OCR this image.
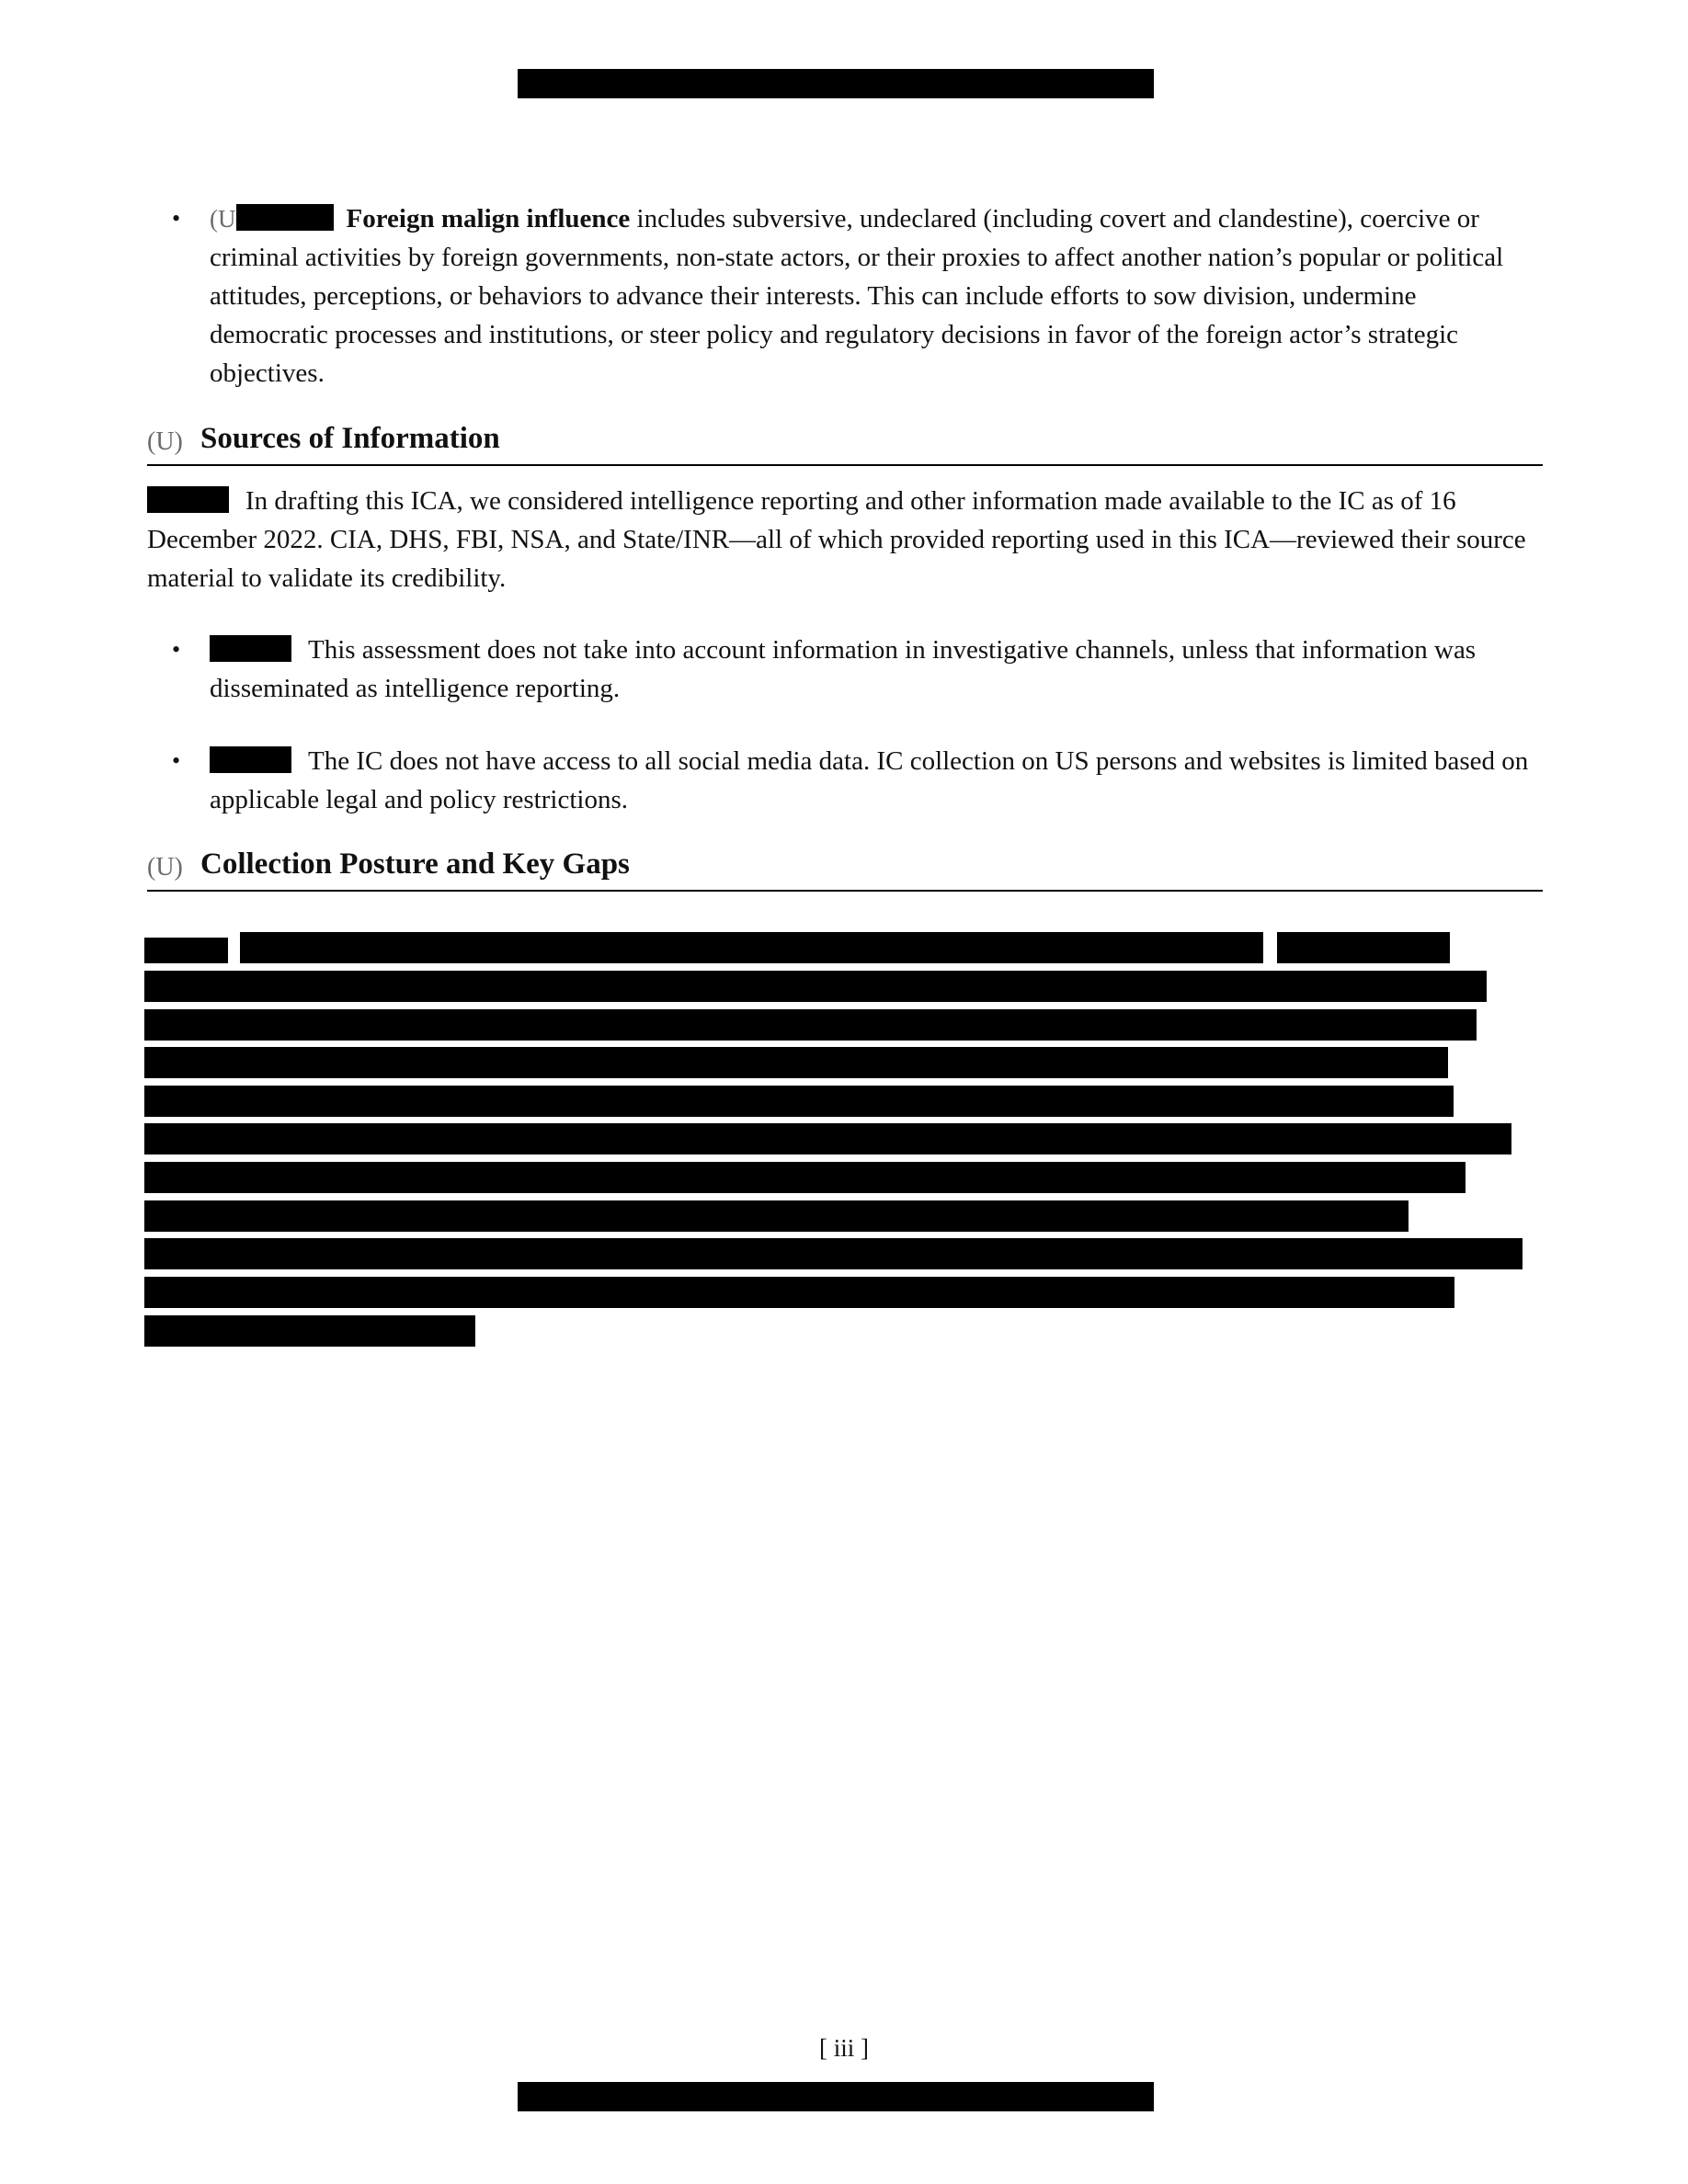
• (U	Foreign malign influence includes subversive, undeclared (including covert and clandestine), coercive or criminal activities by foreign governments, non-state actors, or their proxies to affect another nation’s popular or political attitudes, perceptions, or behaviors to advance their interests. This can include efforts to sow division, undermine democratic processes and institutions, or steer policy and regulatory decisions in favor of the foreign actor’s strategic objectives.

(U) Sources of Information

In drafting this ICA, we considered intelligence reporting and other information made available to the IC as of 16 December 2022. CIA, DHS, FBI, NSA, and State/INR—all of which provided reporting used in this ICA—reviewed their source material to validate its credibility.

•	This assessment does not take into account information in investigative channels, unless that information was disseminated as intelligence reporting.

•	The IC does not have access to all social media data. IC collection on US persons and websites is limited based on applicable legal and policy restrictions.

(U) Collection Posture and Key Gaps
[ iii ]
